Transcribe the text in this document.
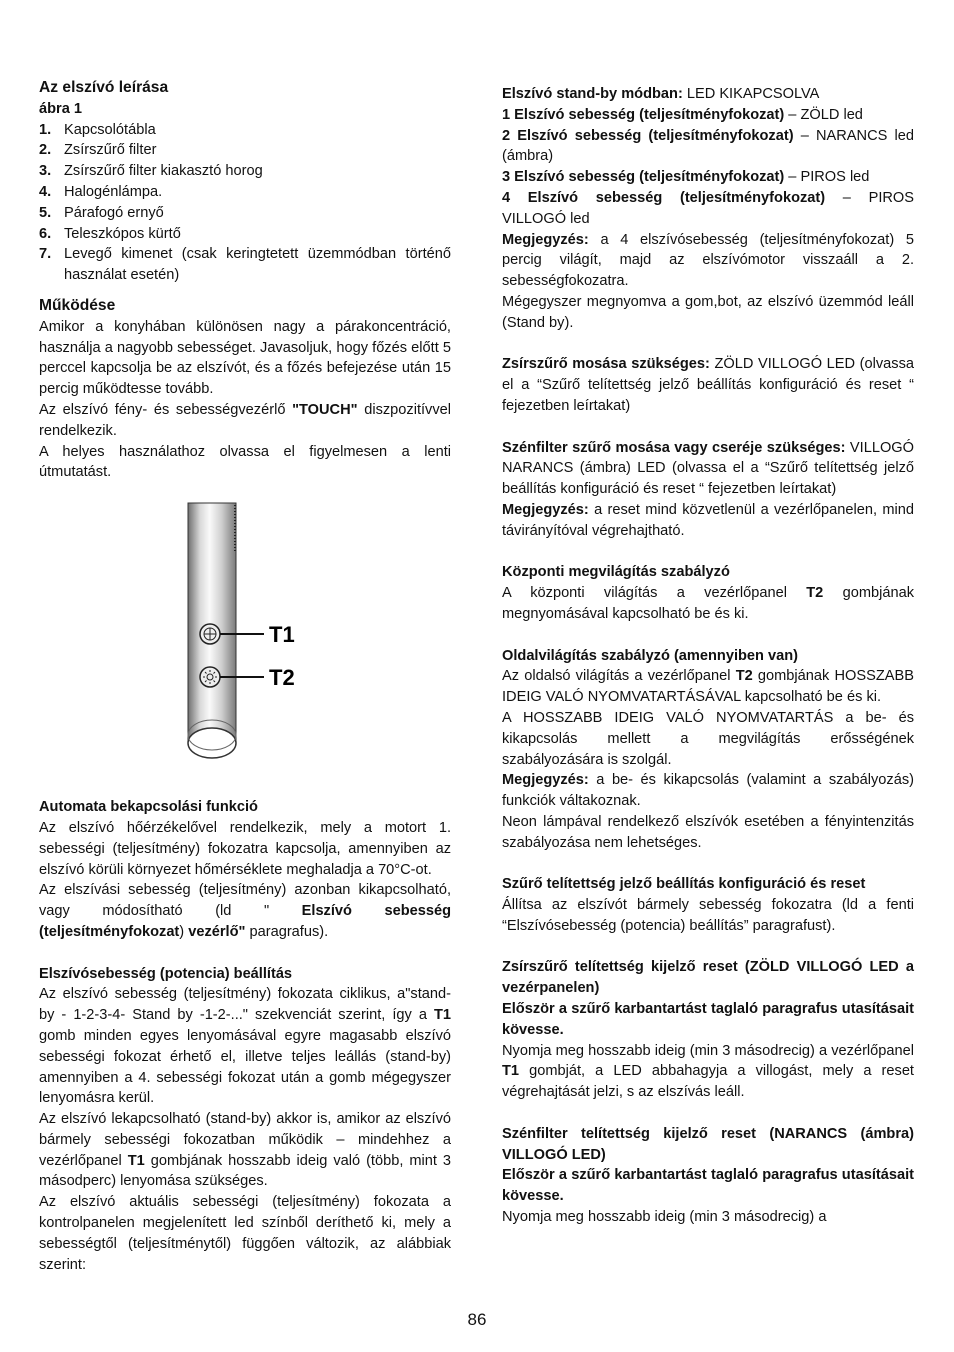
Az elszívó leírása
ábra 1
1. Kapcsolótábla
2. Zsírszűrő filter
3. Zsírszűrő filter kiakasztó horog
4. Halogénlámpa.
5. Párafogó ernyő
6. Teleszkópos kürtő
7. Levegő kimenet (csak keringtetett üzemmódban történő használat esetén)
Működése
Amikor a konyhában különösen nagy a párakoncentráció, használja a nagyobb sebességet. Javasoljuk, hogy főzés előtt 5 perccel kapcsolja be az elszívót, és a főzés befejezése után 15 percig működtesse tovább.
Az elszívó fény- és sebességvezérlő "TOUCH" diszpozitívvel rendelkezik.
A helyes használathoz olvassa el figyelmesen a lenti útmutatást.
T1
T2
Automata bekapcsolási funkció
Az elszívó hőérzékelővel rendelkezik, mely a motort 1. sebességi (teljesítmény) fokozatra kapcsolja, amennyiben az elszívó körüli környezet hőmérséklete meghaladja a 70°C-ot.
Az elszívási sebesség (teljesítmény) azonban kikapcsolható, vagy módosítható (ld " Elszívó sebesség (teljesítményfokozat) vezérlő" paragrafus).
Elszívósebesség (potencia) beállítás
Az elszívó sebesség (teljesítmény) fokozata ciklikus, a"stand-by - 1-2-3-4- Stand by -1-2-..." szekvenciát szerint, így a T1 gomb minden egyes lenyomásával egyre magasabb elszívó sebességi fokozat érhető el, illetve teljes leállás (stand-by) amennyiben a 4. sebességi fokozat után a gomb mégegyszer lenyomásra kerül.
Az elszívó lekapcsolható (stand-by) akkor is, amikor az elszívó bármely sebességi fokozatban működik – mindehhez a vezérlőpanel T1 gombjának hosszabb ideig való (több, mint 3 másodperc) lenyomása szükséges.
Az elszívó aktuális sebességi (teljesítmény) fokozata a kontrolpanelen megjelenített led színből deríthető ki, mely a sebességtől (teljesítménytől) függően változik, az alábbiak szerint:
Elszívó stand-by módban: LED KIKAPCSOLVA
1 Elszívó sebesség (teljesítményfokozat) – ZÖLD led
2 Elszívó sebesség (teljesítményfokozat) – NARANCS led (ámbra)
3 Elszívó sebesség (teljesítményfokozat) – PIROS led
4 Elszívó sebesség (teljesítményfokozat) – PIROS VILLOGÓ led
Megjegyzés: a 4 elszívósebesség (teljesítményfokozat) 5 percig világít, majd az elszívómotor visszaáll a 2. sebességfokozatra.
Mégegyszer megnyomva a gom,bot, az elszívó üzemmód leáll (Stand by).
Zsírszűrő mosása szükséges: ZÖLD VILLOGÓ LED (olvassa el a “Szűrő telítettség jelző beállítás konfiguráció és reset “ fejezetben leírtakat)
Szénfilter szűrő mosása vagy cseréje szükséges: VILLOGÓ NARANCS (ámbra) LED (olvassa el a “Szűrő telítettség jelző beállítás konfiguráció és reset “ fejezetben leírtakat)
Megjegyzés: a reset mind közvetlenül a vezérlőpanelen, mind távirányítóval végrehajtható.
Központi megvilágítás szabályzó
A központi világítás a vezérlőpanel T2 gombjának megnyomásával kapcsolható be és ki.
Oldalvilágítás szabályzó (amennyiben van)
Az oldalsó világítás a vezérlőpanel T2 gombjának HOSSZABB IDEIG VALÓ NYOMVATARTÁSÁVAL kapcsolható be és ki.
A HOSSZABB IDEIG VALÓ NYOMVATARTÁS a be- és kikapcsolás mellett a megvilágítás erősségének szabályozására is szolgál.
Megjegyzés: a be- és kikapcsolás (valamint a szabályozás) funkciók váltakoznak.
Neon lámpával rendelkező elszívók esetében a fényintenzitás szabályozása nem lehetséges.
Szűrő telítettség jelző beállítás konfiguráció és reset
Állítsa az elszívót bármely sebesség fokozatra (ld a fenti “Elszívósebesség (potencia) beállítás” paragrafust).
Zsírszűrő telítettség kijelző reset (ZÖLD VILLOGÓ LED a vezérpanelen)
Először a szűrő karbantartást taglaló paragrafus utasításait kövesse.
Nyomja meg hosszabb ideig (min 3 másodrecig) a vezérlőpanel T1 gombját, a LED abbahagyja a villogást, mely a reset végrehajtását jelzi, s az elszívás leáll.
Szénfilter telítettség kijelző reset (NARANCS (ámbra) VILLOGÓ LED)
Először a szűrő karbantartást taglaló paragrafus utasításait kövesse.
Nyomja meg hosszabb ideig (min 3 másodrecig) a
86
